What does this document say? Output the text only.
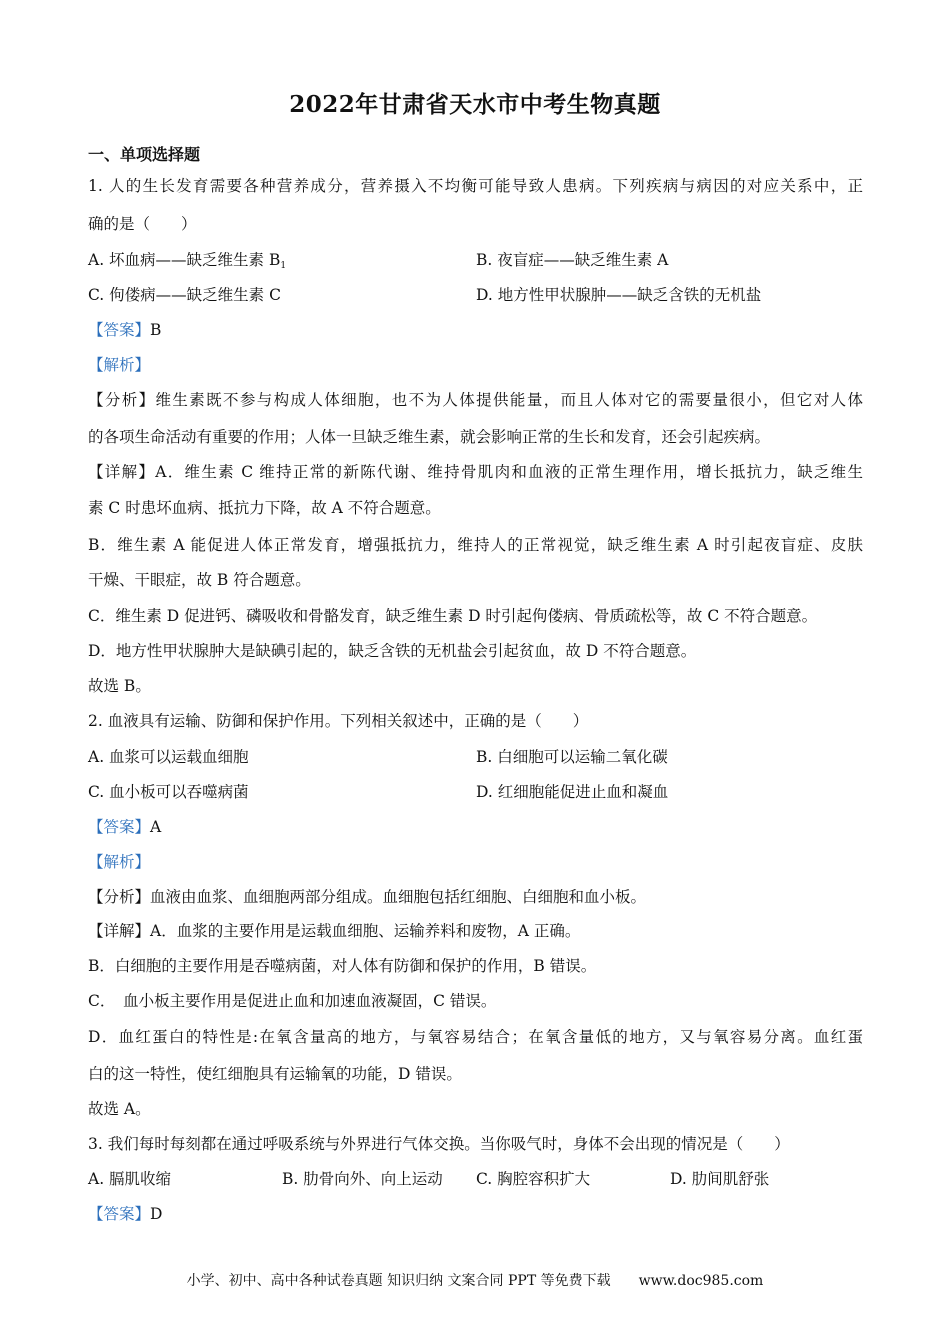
2022年甘肃省天水市中考生物真题
一、单项选择题
1. 人的生长发育需要各种营养成分，营养摄入不均衡可能导致人患病。下列疾病与病因的对应关系中，正
确的是（　　）
A. 坏血病——缺乏维生素 $B_1$	B. 夜盲症——缺乏维生素 A
C. 佝偻病——缺乏维生素 C	D. 地方性甲状腺肿——缺乏含铁的无机盐
【答案】B
【解析】
【分析】维生素既不参与构成人体细胞，也不为人体提供能量，而且人体对它的需要量很小，但它对人体
的各项生命活动有重要的作用；人体一旦缺乏维生素，就会影响正常的生长和发育，还会引起疾病。
【详解】A．维生素 C 维持正常的新陈代谢、维持骨肌肉和血液的正常生理作用，增长抵抗力，缺乏维生
素 C 时患坏血病、抵抗力下降，故 A 不符合题意。
B．维生素 A 能促进人体正常发育，增强抵抗力，维持人的正常视觉，缺乏维生素 A 时引起夜盲症、皮肤
干燥、干眼症，故 B 符合题意。
C．维生素 D 促进钙、磷吸收和骨骼发育，缺乏维生素 D 时引起佝偻病、骨质疏松等，故 C 不符合题意。
D．地方性甲状腺肿大是缺碘引起的，缺乏含铁的无机盐会引起贫血，故 D 不符合题意。
故选 B。
2. 血液具有运输、防御和保护作用。下列相关叙述中，正确的是（　　）
A. 血浆可以运载血细胞	B. 白细胞可以运输二氧化碳
C. 血小板可以吞噬病菌	D. 红细胞能促进止血和凝血
【答案】A
【解析】
【分析】血液由血浆、血细胞两部分组成。血细胞包括红细胞、白细胞和血小板。
【详解】A．血浆的主要作用是运载血细胞、运输养料和废物，A 正确。
B．白细胞的主要作用是吞噬病菌，对人体有防御和保护的作用，B 错误。
C．　血小板主要作用是促进止血和加速血液凝固，C 错误。
D．血红蛋白的特性是:在氧含量高的地方，与氧容易结合；在氧含量低的地方，又与氧容易分离。血红蛋
白的这一特性，使红细胞具有运输氧的功能，D 错误。
故选 A。
3. 我们每时每刻都在通过呼吸系统与外界进行气体交换。当你吸气时，身体不会出现的情况是（　　）
A. 膈肌收缩	B. 肋骨向外、向上运动 C. 胸腔容积扩大	D. 肋间肌舒张
【答案】D
小学、初中、高中各种试卷真题 知识归纳 文案合同 PPT 等免费下载 www.doc985.com
